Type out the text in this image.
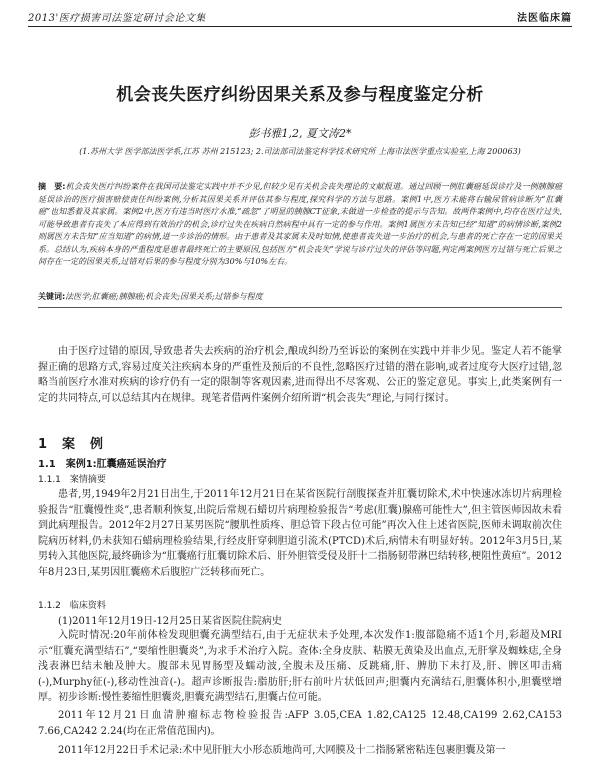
2013'医疗损害司法鉴定研讨会论文集	法医临床篇
机会丧失医疗纠纷因果关系及参与程度鉴定分析
彭书雅1,2, 夏文涛2*
(1.苏州大学 医学部法医学系,江苏 苏州 215123; 2.司法部司法鉴定科学技术研究所 上海市法医学重点实验室,上海 200063)
摘　要:机会丧失医疗纠纷案件在我国司法鉴定实践中并不少见,但较少见有关机会丧失理论的文献报道。通过回顾一例肛囊癌延误诊疗及一例胰腺癌延误诊治的医疗损害赔偿责任纠纷案例,分析其因果关系并评估其参与程度,探究科学的方法与思路。案例1中,医方未能将右输尿管病诊断为“肛囊癌”也知悉着及其家属。案例2中,医方有违当时医疗水准,“疏忽”了明显的胰腺CT征象,未做进一步检查的提示与告知。故两件案例中,均存在医疗过失,可能导致患者有丧失了本应得到有效治疗的机会,诊疗过失在疾病自然病程中具有一定的参与作用。案例1属医方未告知已经“知道”的病情诊断,案例2则属医方未告知“应当知道”的病情,进一步诊治的情形。由于患者及其家属未及时知情,使患者丧失进一步治疗的机会,与患者的死亡存在一定的因果关系。总结认为,疾病本身的严重程度是患者最终死亡的主要原因,包括医方“机会丧失”学说与诊疗过失的评估等问题,判定两案例医方过错与死亡后果之间存在一定的因果关系,过错对后果的参与程度分别为30%与10%左右。
关键词:法医学;肛囊癌;胰腺癌;机会丧失;因果关系;过错参与程度
由于医疗过错的原因,导致患者失去疾病的治疗机会,酿成纠纷乃至诉讼的案例在实践中并非少见。鉴定人若不能掌握正确的思路方式,容易过度关注疾病本身的严重性及预后的不良性,忽略医疗过错的潜在影响,或者过度夸大医疗过错,忽略当前医疗水准对疾病的诊疗仍有一定的限制等客观因素,进而得出不尽客观、公正的鉴定意见。事实上,此类案例有一定的共同特点,可以总结其内在规律。现笔者借两件案例介绍所谓“机会丧失”理论,与同行探讨。
1　案　例
1.1　案例1:肛囊癌延误治疗
1.1.1　案情摘要
患者,男,1949年2月21日出生,于2011年12月21日在某省医院行剖腹探查并肛囊切除术,术中快速冰冻切片病理检验报告“肛囊慢性炎”,患者顺利恢复,出院后常规石蜡切片病理检验报告“考虑(肛囊)腺癌可能性大”,但主管医师因故未看到此病理报告。2012年2月27日某男医院“腰肌性质疼、胆总管下段占位可能”再次入住上述省医院,医师未调取前次住院病历材料,仍未获知石蜡病理检验结果,行经皮肝穿刺胆道引流术(PTCD)术后,病情未有明显好转。2012年3月5日,某男转入其他医院,最终确诊为“肛囊癌行肛囊切除术后、肝外胆管受侵及肝十二指肠韧带淋巴结转移,梗阻性黄疸”。2012年8月23日,某男因肛囊癌术后腹腔广泛转移而死亡。
1.1.2　临床资料
(1)2011年12月19日-12月25日某省医院住院病史
入院时情况:20年前体检发现胆囊充满型结石,由于无症状未予处理,本次发作1:腹部隐痛不适1个月,彩超及MRI示“肛囊充满型结石”,“要缩性胆囊炎”,为求手术治疗入院。查体:全身皮肤、粘膜无黄染及出血点,无肝掌及蜘蛛痣,全身浅表淋巴结未触及肿大。腹部未见胃肠型及蠕动波,全腹未及压痛、反跳痛,肝、脾肋下未打及,肝、脾区叩击痛(-),Murphy征(-),移动性浊音(-)。超声诊断报告:脂肪肝;肝右前叶片状低回声;胆囊内充满结石,胆囊体积小,胆囊壁增厚。初步诊断:慢性萎缩性胆囊炎,胆囊充满型结石,胆囊占位可能。
2011年12月21日血清肿瘤标志物检验报告:AFP 3.05,CEA 1.82,CA125 12.48,CA199 2.62,CA153 7.66,CA242 2.24(均在正常值范围内)。
2011年12月22日手术记录:术中见肝脏大小形态质地尚可,大网膜及十二指肠紧密粘连包裹胆囊及第一
